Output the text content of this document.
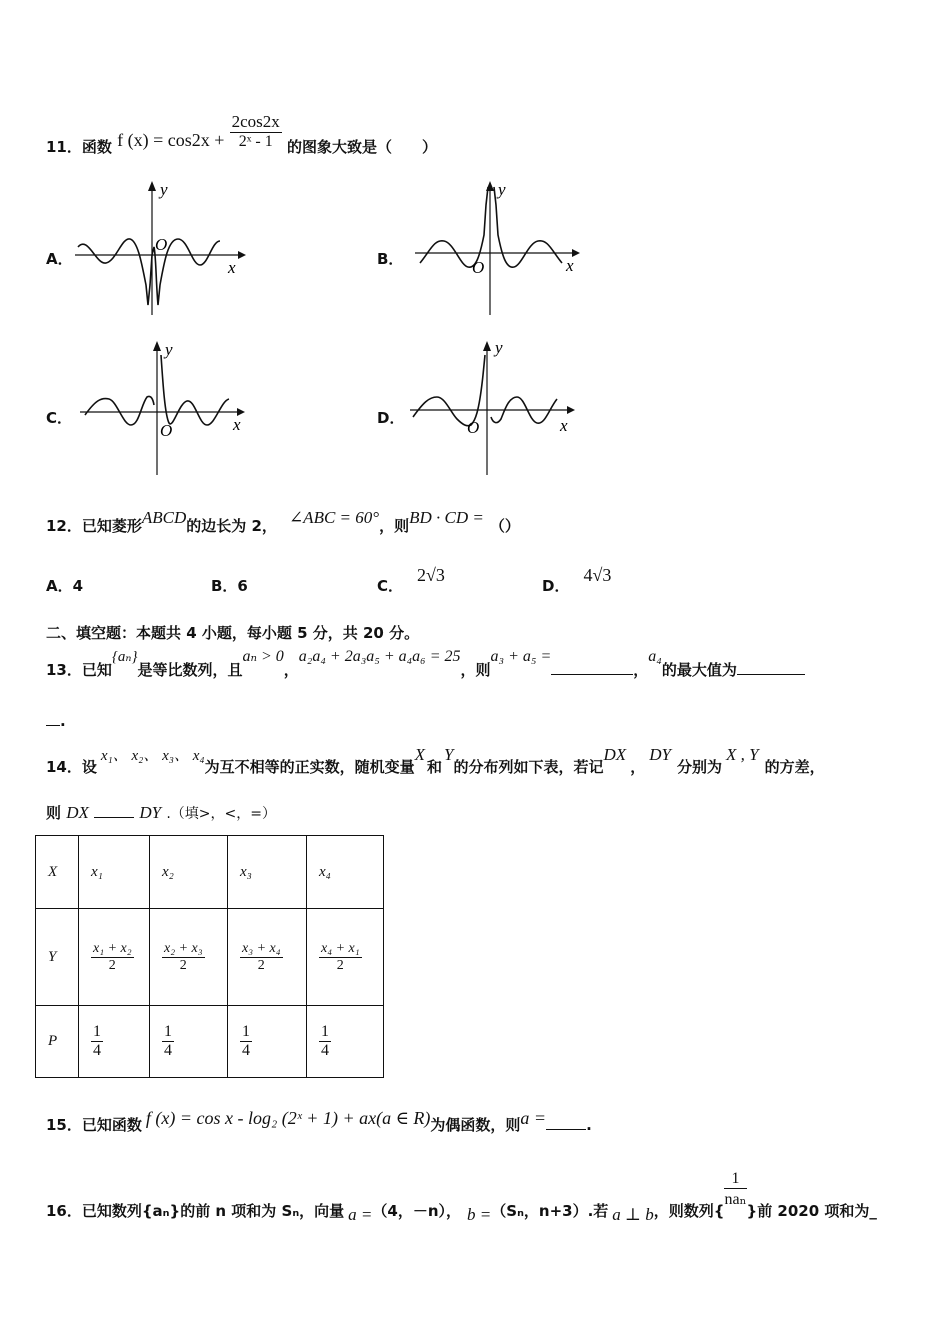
11．函数 f $(x) = \cos 2x + \frac{2\cos 2x}{\text{2ˣ - 1}}$ 的图象大致是（　　）
A．	B．
C．	D．
O
y
x	O
y
x
O
y
x	O
y
x
12．已知菱形ABCD的边长为 2， ∠ABC = 60°，则BD · CD = （）
A．4	B．6	C．2√3
D．4√3
二、填空题：本题共 4 小题，每小题 5 分，共 20 分。
13．已知{aₙ}是等比数列，且aₙ > 0，a₂a₄ + 2a₃a₅ + a₄a₆ = 25，则a₃ + a₅ =，a₄的最大值为
.
14．设x₁、 x₂、 x₃、 x₄为互不相等的正实数，随机变量X和Y的分布列如下表，若记DX，DY分别为X , Y的方差，
则 DX	DY .（填>，<，=）
X	x₁	x₂	x₃	x₄
Y	$\frac{\text{x₁ + x₂}}{2}$	$\frac{\text{x₂ + x₃}}{2}$	$\frac{\text{x₃ + x₄}}{2}$	$\frac{\text{x₄ + x₁}}{2}$

P	$\frac{1}{4}$	$\frac{1}{4}$	$\frac{1}{4}$	$\frac{1}{4}$
15．已知函数 f (x) = cos x - log₂ (2ˣ + 1) + ax(a ∈ R)为偶函数，则a =	.
16．已知数列{aₙ}的前 n 项和为 Sₙ，向量 a =（4，－n）， b =（Sₙ，n+3）.若 a ⊥ b，则数列{
$\frac{1}{\text{naₙ}}$
}前 2020 项和为_
